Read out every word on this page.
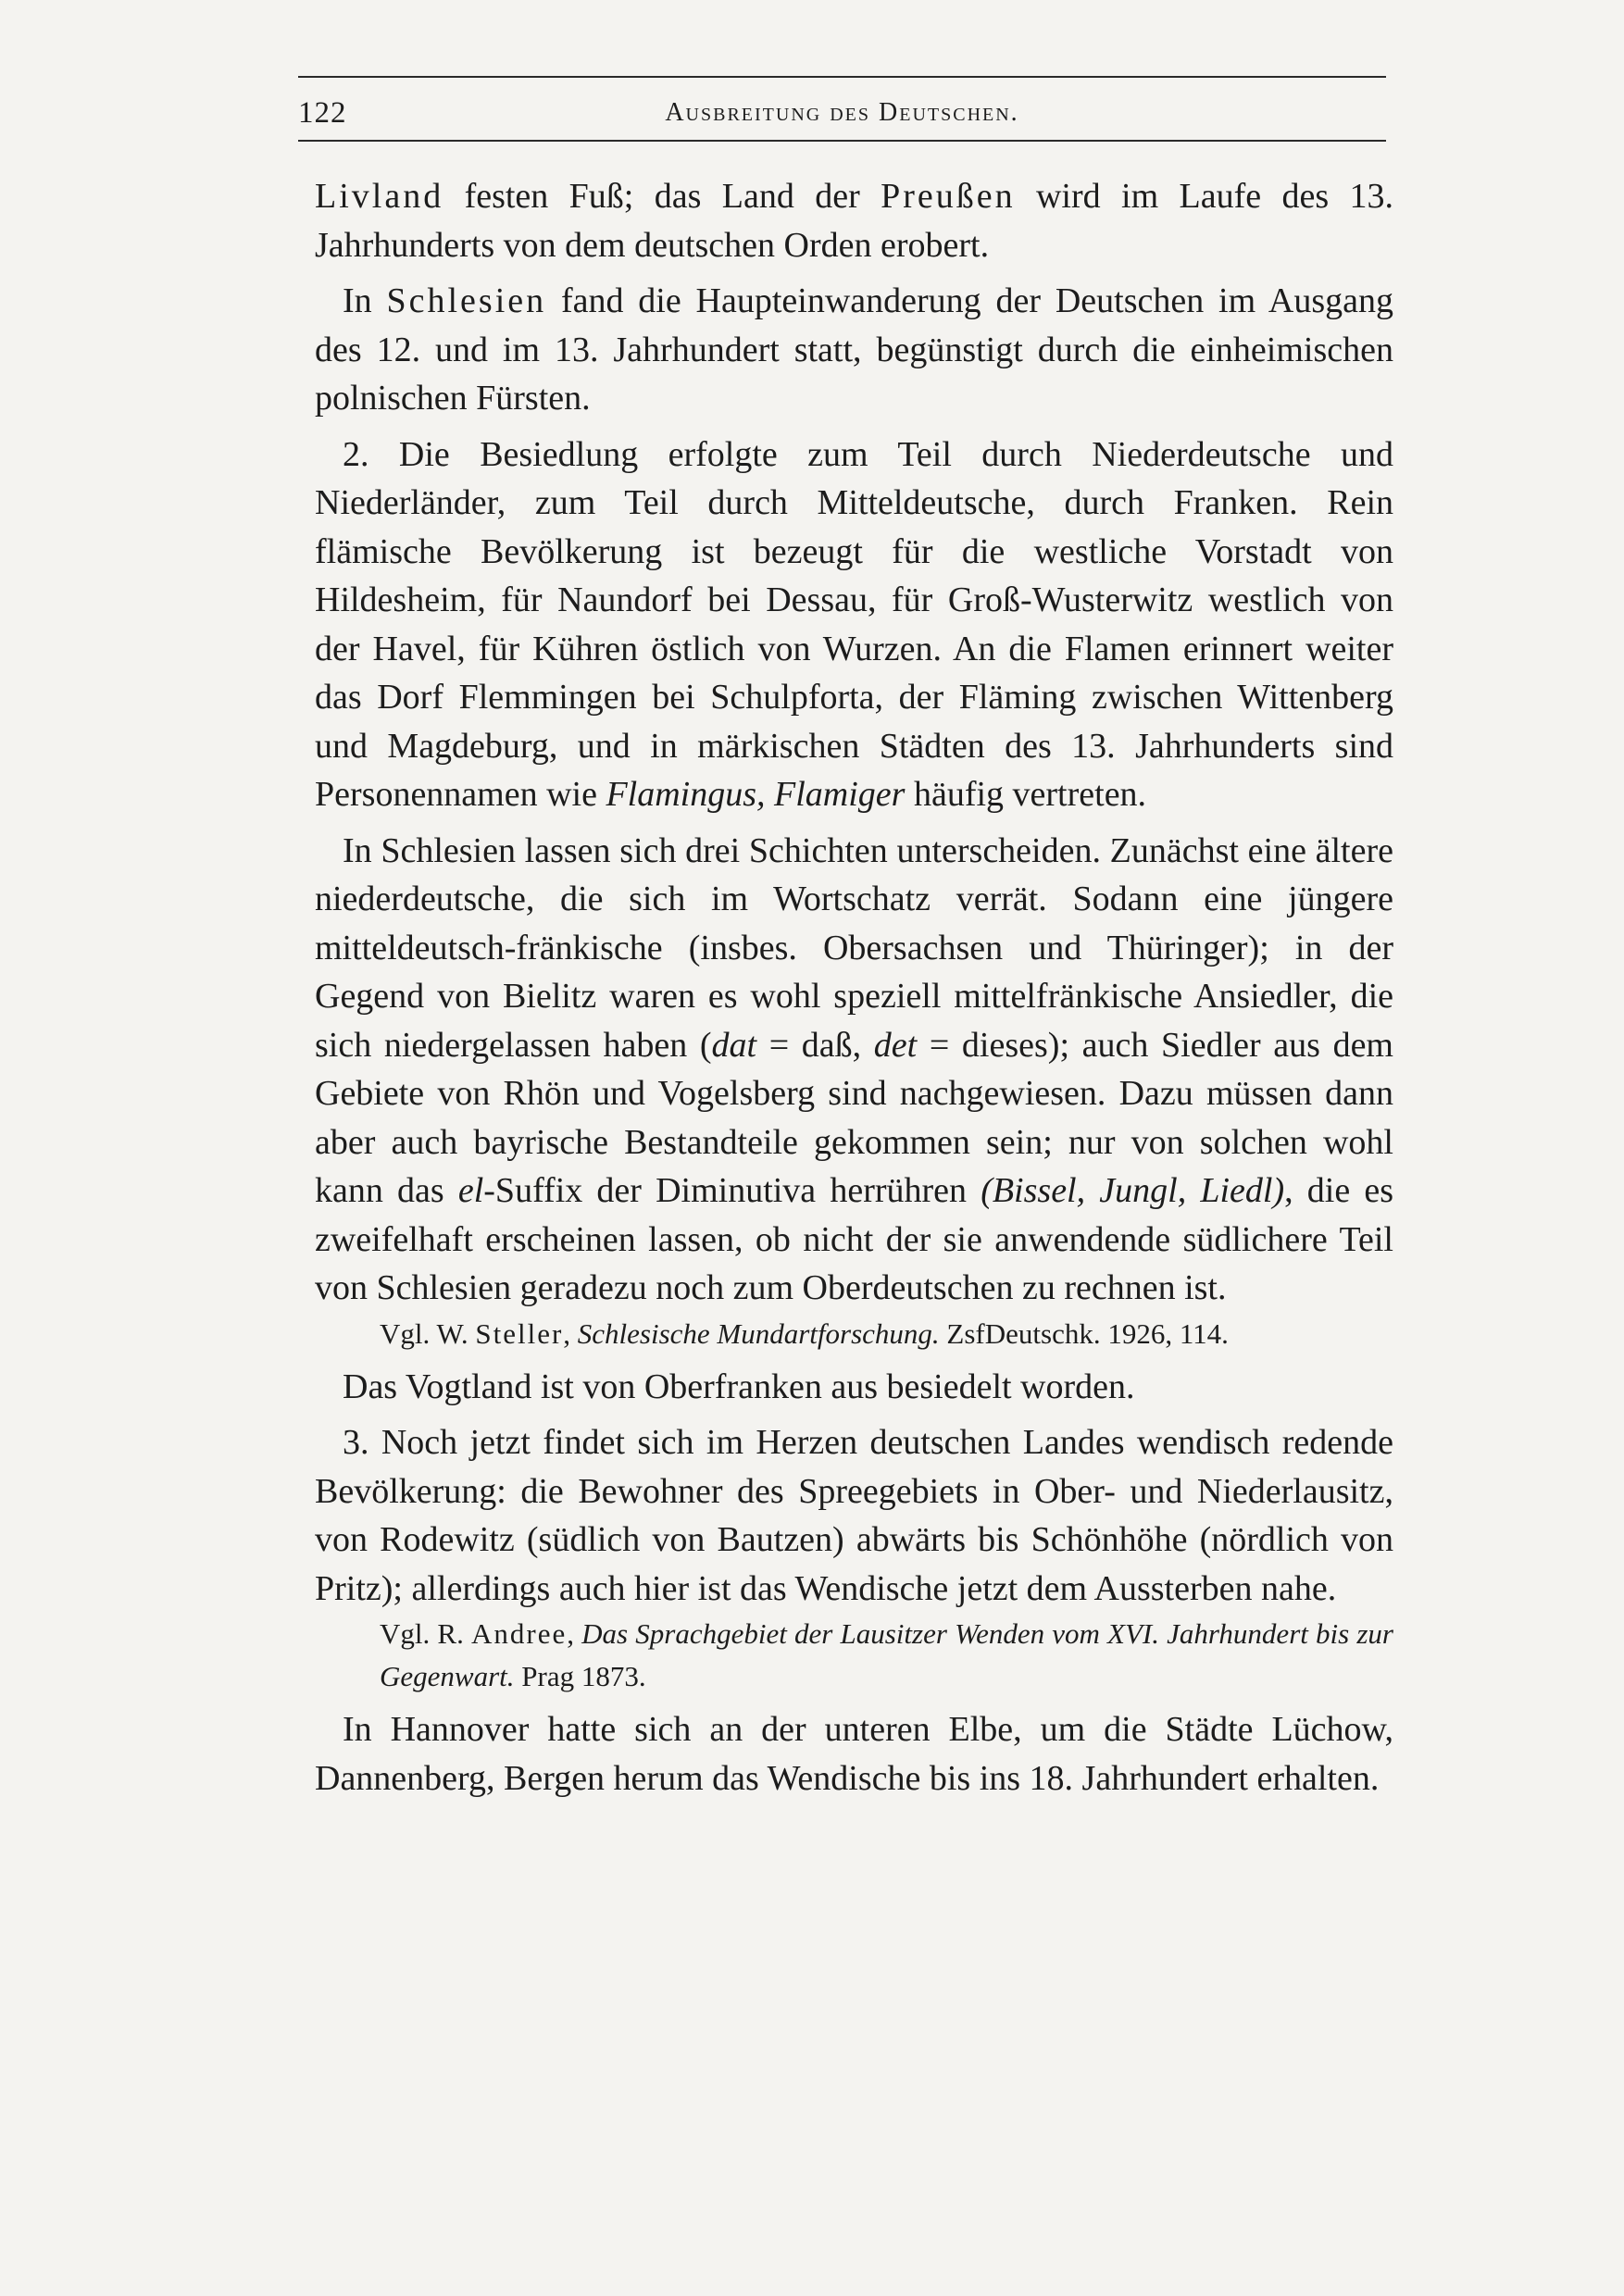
122	Ausbreitung des Deutschen.

Livland festen Fuß; das Land der Preußen wird im Laufe des 13. Jahrhunderts von dem deutschen Orden erobert.

In Schlesien fand die Haupteinwanderung der Deutschen im Ausgang des 12. und im 13. Jahrhundert statt, begünstigt durch die einheimischen polnischen Fürsten.

2. Die Besiedlung erfolgte zum Teil durch Niederdeutsche und Niederländer, zum Teil durch Mitteldeutsche, durch Franken. Rein flämische Bevölkerung ist bezeugt für die westliche Vorstadt von Hildesheim, für Naundorf bei Dessau, für Groß-Wusterwitz westlich von der Havel, für Kühren östlich von Wurzen. An die Flamen erinnert weiter das Dorf Flemmingen bei Schulpforta, der Fläming zwischen Wittenberg und Magdeburg, und in märkischen Städten des 13. Jahrhunderts sind Personennamen wie Flamingus, Flamiger häufig vertreten.

In Schlesien lassen sich drei Schichten unterscheiden. Zunächst eine ältere niederdeutsche, die sich im Wortschatz verrät. Sodann eine jüngere mitteldeutsch-fränkische (insbes. Obersachsen und Thüringer); in der Gegend von Bielitz waren es wohl speziell mittelfränkische Ansiedler, die sich niedergelassen haben (dat = daß, det = dieses); auch Siedler aus dem Gebiete von Rhön und Vogelsberg sind nachgewiesen. Dazu müssen dann aber auch bayrische Bestandteile gekommen sein; nur von solchen wohl kann das el-Suffix der Diminutiva herrühren (Bissel, Jungl, Liedl), die es zweifelhaft erscheinen lassen, ob nicht der sie anwendende südlichere Teil von Schlesien geradezu noch zum Oberdeutschen zu rechnen ist.

Vgl. W. Steller, Schlesische Mundartforschung. ZsfDeutschk. 1926, 114.

Das Vogtland ist von Oberfranken aus besiedelt worden.

3. Noch jetzt findet sich im Herzen deutschen Landes wendisch redende Bevölkerung: die Bewohner des Spreegebiets in Ober- und Niederlausitz, von Rodewitz (südlich von Bautzen) abwärts bis Schönhöhe (nördlich von Pritz); allerdings auch hier ist das Wendische jetzt dem Aussterben nahe.

Vgl. R. Andree, Das Sprachgebiet der Lausitzer Wenden vom XVI. Jahrhundert bis zur Gegenwart. Prag 1873.

In Hannover hatte sich an der unteren Elbe, um die Städte Lüchow, Dannenberg, Bergen herum das Wendische bis ins 18. Jahrhundert erhalten.
